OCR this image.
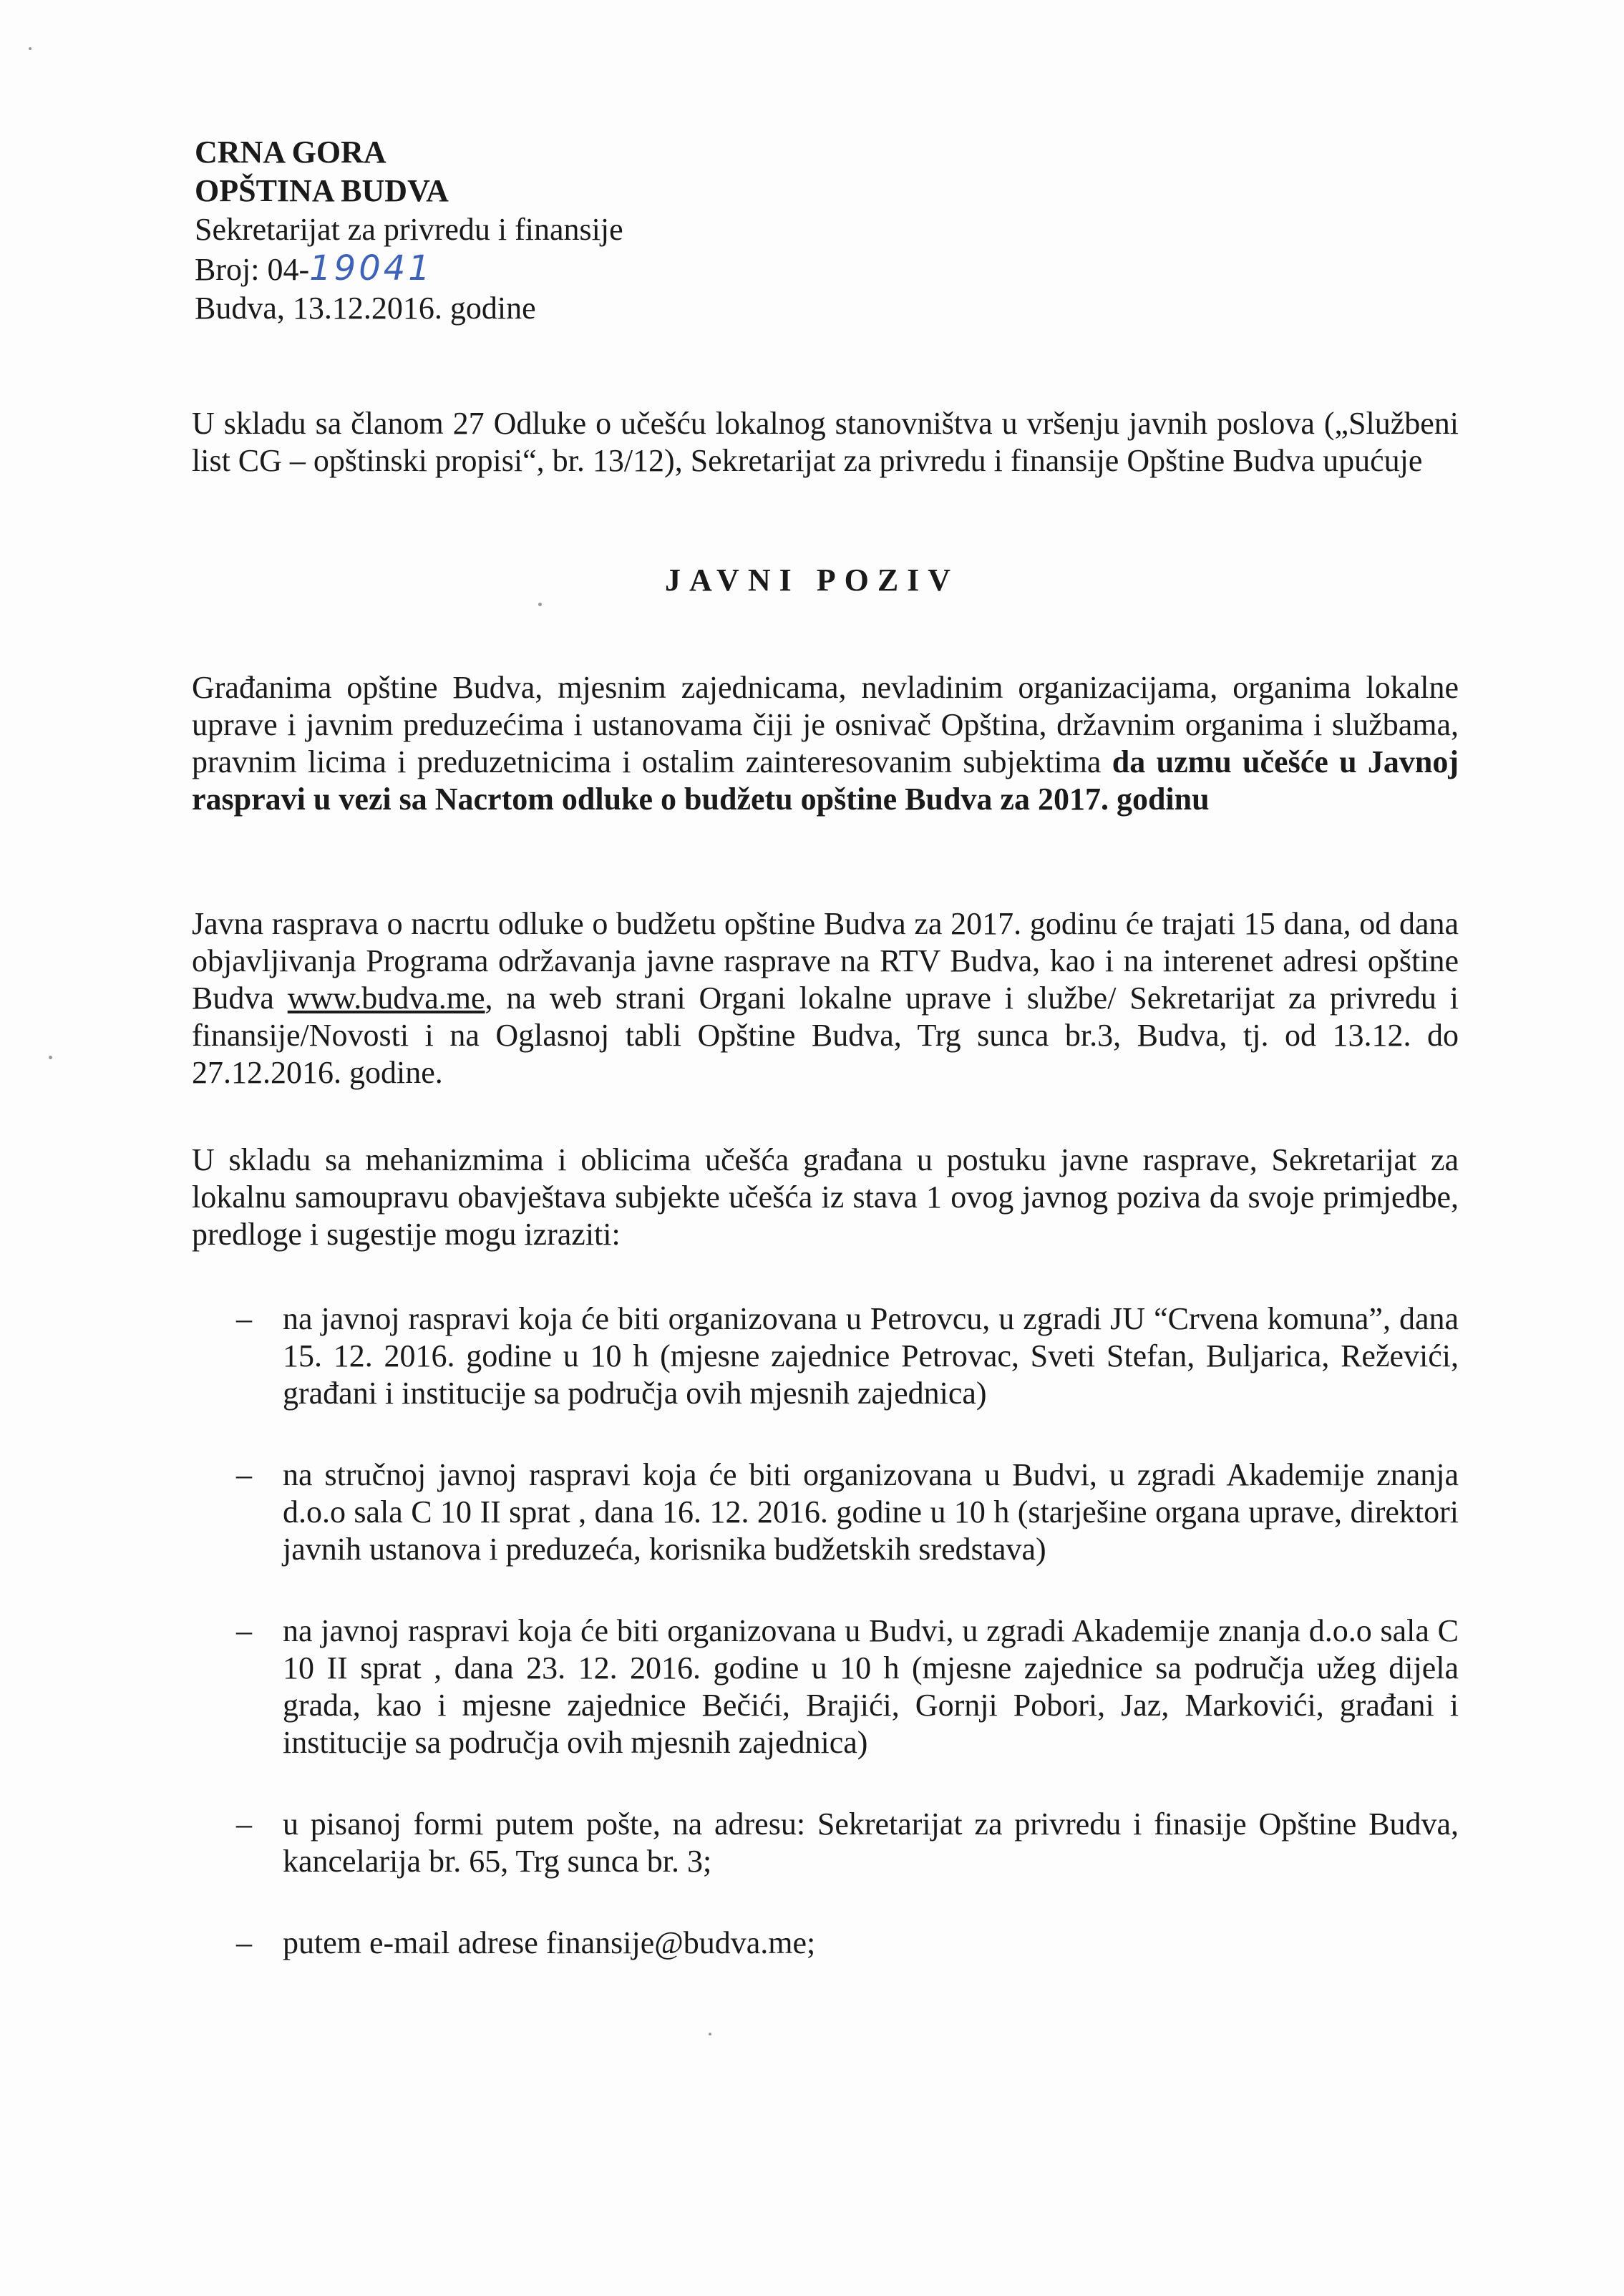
CRNA GORA
OPŠTINA BUDVA
Sekretarijat za privredu i finansije
Broj: 04-19041
Budva, 13.12.2016. godine
U skladu sa članom 27 Odluke o učešću lokalnog stanovništva u vršenju javnih poslova („Službeni list CG – opštinski propisi“, br. 13/12), Sekretarijat za privredu i finansije Opštine Budva upućuje
JAVNI POZIV
Građanima opštine Budva, mjesnim zajednicama, nevladinim organizacijama, organima lokalne uprave i javnim preduzećima i ustanovama čiji je osnivač Opština, državnim organima i službama, pravnim licima i preduzetnicima i ostalim zainteresovanim subjektima da uzmu učešće u Javnoj raspravi u vezi sa Nacrtom odluke o budžetu opštine Budva za 2017. godinu
Javna rasprava o nacrtu odluke o budžetu opštine Budva za 2017. godinu će trajati 15 dana, od dana objavljivanja Programa održavanja javne rasprave na RTV Budva, kao i na interenet adresi opštine Budva www.budva.me, na web strani Organi lokalne uprave i službe/ Sekretarijat za privredu i finansije/Novosti i na Oglasnoj tabli Opštine Budva, Trg sunca br.3, Budva, tj. od 13.12. do 27.12.2016. godine.
U skladu sa mehanizmima i oblicima učešća građana u postuku javne rasprave, Sekretarijat za lokalnu samoupravu obavještava subjekte učešća iz stava 1 ovog javnog poziva da svoje primjedbe, predloge i sugestije mogu izraziti:
– na javnoj raspravi koja će biti organizovana u Petrovcu, u zgradi JU “Crvena komuna”, dana 15. 12. 2016. godine u 10 h (mjesne zajednice Petrovac, Sveti Stefan, Buljarica, Reževići, građani i institucije sa područja ovih mjesnih zajednica)
– na stručnoj javnoj raspravi koja će biti organizovana u Budvi, u zgradi Akademije znanja d.o.o sala C 10 II sprat , dana 16. 12. 2016. godine u 10 h (starješine organa uprave, direktori javnih ustanova i preduzeća, korisnika budžetskih sredstava)
– na javnoj raspravi koja će biti organizovana u Budvi, u zgradi Akademije znanja d.o.o sala C 10 II sprat , dana 23. 12. 2016. godine u 10 h (mjesne zajednice sa područja užeg dijela grada, kao i mjesne zajednice Bečići, Brajići, Gornji Pobori, Jaz, Markovići, građani i institucije sa područja ovih mjesnih zajednica)
– u pisanoj formi putem pošte, na adresu: Sekretarijat za privredu i finasije Opštine Budva, kancelarija br. 65, Trg sunca br. 3;
– putem e-mail adrese finansije@budva.me;
